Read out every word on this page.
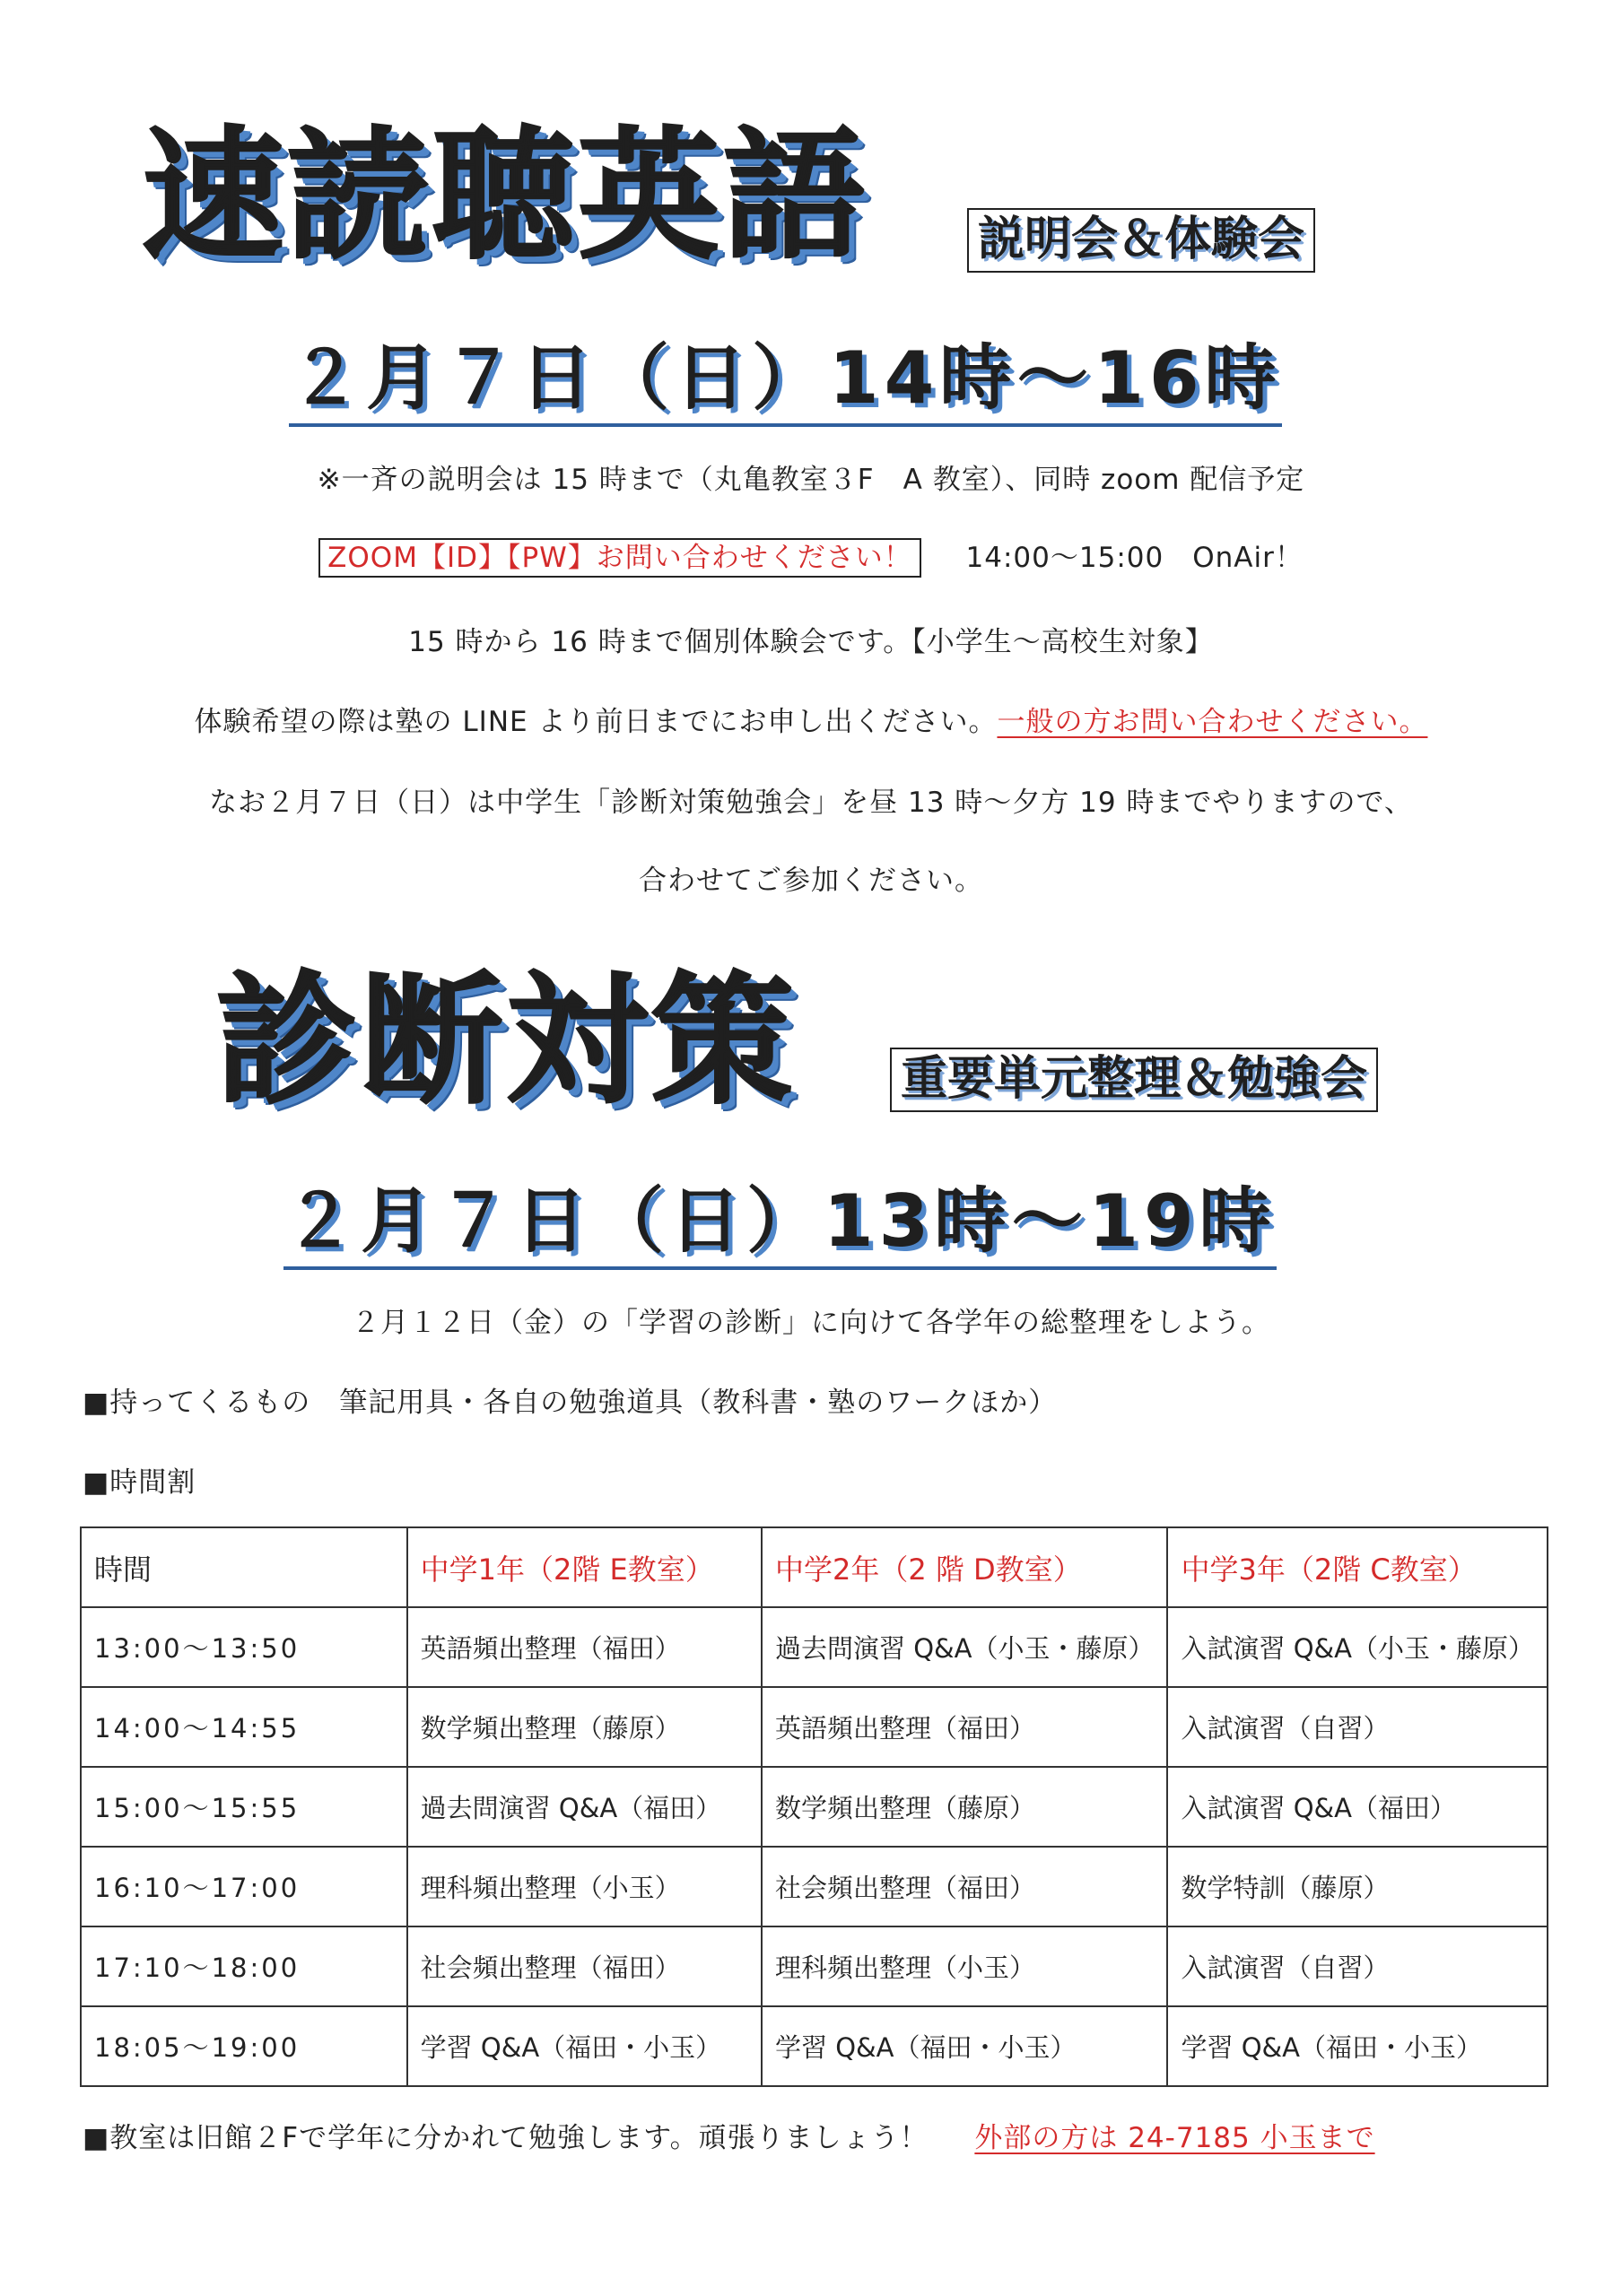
速読聴英語 説明会＆体験会
２月７日（日）14時～16時
※一斉の説明会は 15 時まで（丸亀教室３F　A 教室）、同時 zoom 配信予定
ZOOM【ID】【PW】お問い合わせください！ 14:00～15:00　OnAir！
15 時から 16 時まで個別体験会です。【小学生～高校生対象】
体験希望の際は塾の LINE より前日までにお申し出ください。一般の方お問い合わせください。
なお２月７日（日）は中学生「診断対策勉強会」を昼 13 時～夕方 19 時までやりますので、
合わせてご参加ください。
診断対策 重要単元整理＆勉強会
２月７日（日）13時～19時
２月１２日（金）の「学習の診断」に向けて各学年の総整理をしよう。
■持ってくるもの　筆記用具・各自の勉強道具（教科書・塾のワークほか）
■時間割
時間	中学1年（2階 E教室）	中学2年（2 階 D教室）	中学3年（2階 C教室）
13:00～13:50	英語頻出整理（福田）	過去問演習 Q&A（小玉・藤原）	入試演習 Q&A（小玉・藤原）
14:00～14:55	数学頻出整理（藤原）	英語頻出整理（福田）	入試演習（自習）
15:00～15:55	過去問演習 Q&A（福田）	数学頻出整理（藤原）	入試演習 Q&A（福田）
16:10～17:00	理科頻出整理（小玉）	社会頻出整理（福田）	数学特訓（藤原）
17:10～18:00	社会頻出整理（福田）	理科頻出整理（小玉）	入試演習（自習）
18:05～19:00	学習 Q&A（福田・小玉）	学習 Q&A（福田・小玉）	学習 Q&A（福田・小玉）
■教室は旧館２Fで学年に分かれて勉強します。頑張りましょう！ 外部の方は 24-7185 小玉まで
